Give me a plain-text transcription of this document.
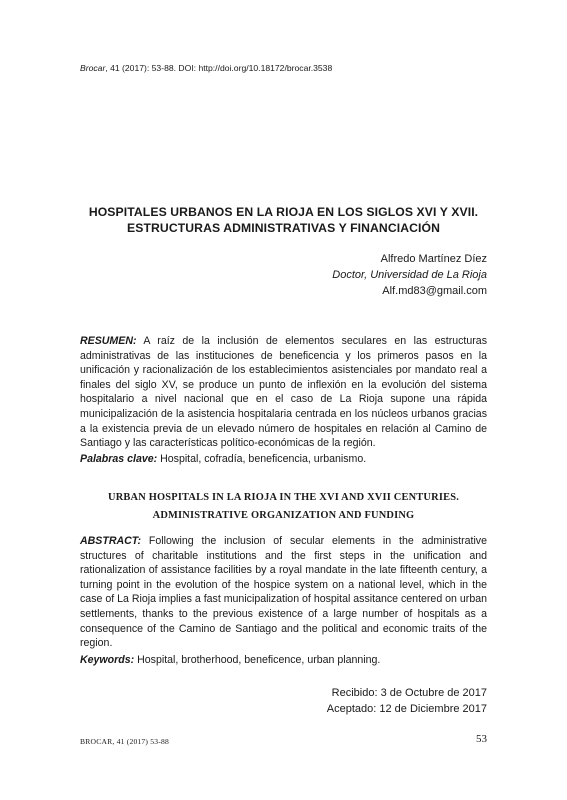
Brocar, 41 (2017): 53-88. DOI: http://doi.org/10.18172/brocar.3538
HOSPITALES URBANOS EN LA RIOJA EN LOS SIGLOS XVI Y XVII.
ESTRUCTURAS ADMINISTRATIVAS Y FINANCIACIÓN
Alfredo Martínez Díez
Doctor, Universidad de La Rioja
Alf.md83@gmail.com
RESUMEN: A raíz de la inclusión de elementos seculares en las estructuras administrativas de las instituciones de beneficencia y los primeros pasos en la unificación y racionalización de los establecimientos asistenciales por mandato real a finales del siglo XV, se produce un punto de inflexión en la evolución del sistema hospitalario a nivel nacional que en el caso de La Rioja supone una rápida municipalización de la asistencia hospitalaria centrada en los núcleos urbanos gracias a la existencia previa de un elevado número de hospitales en relación al Camino de Santiago y las características político-económicas de la región.
Palabras clave: Hospital, cofradía, beneficencia, urbanismo.
URBAN HOSPITALS IN LA RIOJA IN THE XVI AND XVII CENTURIES.
ADMINISTRATIVE ORGANIZATION AND FUNDING
ABSTRACT: Following the inclusion of secular elements in the administrative structures of charitable institutions and the first steps in the unification and rationalization of assistance facilities by a royal mandate in the late fifteenth century, a turning point in the evolution of the hospice system on a national level, which in the case of La Rioja implies a fast municipalization of hospital assitance centered on urban settlements, thanks to the previous existence of a large number of hospitals as a consequence of the Camino de Santiago and the political and economic traits of the region.
Keywords: Hospital, brotherhood, beneficence, urban planning.
Recibido: 3 de Octubre de 2017
Aceptado: 12 de Diciembre 2017
BROCAR, 41 (2017) 53-88	53
